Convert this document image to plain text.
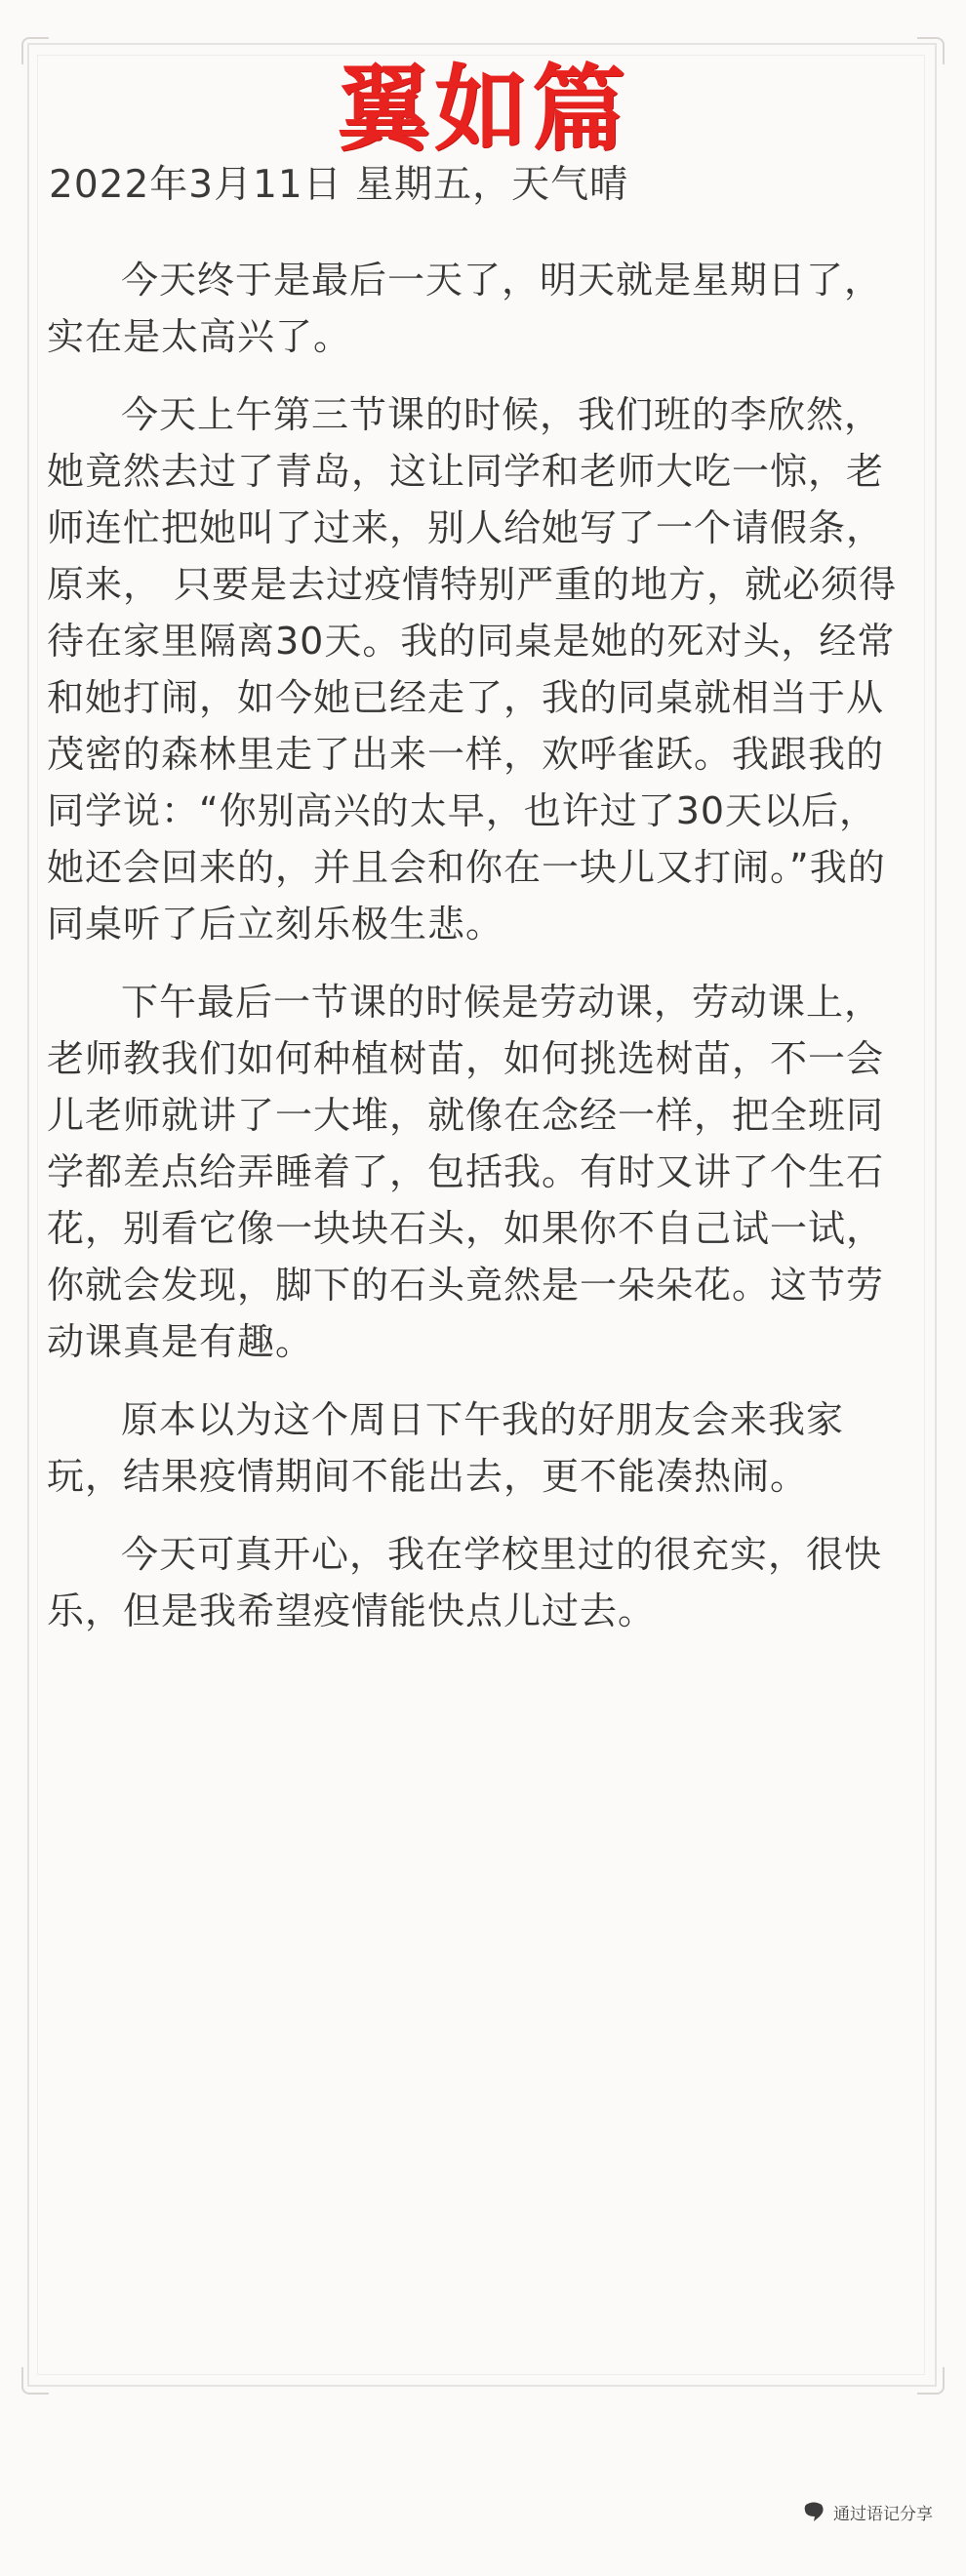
翼如篇
2022年3月11日 星期五，天气晴

今天终于是最后一天了，明天就是星期日了，实在是太高兴了。

今天上午第三节课的时候，我们班的李欣然，她竟然去过了青岛，这让同学和老师大吃一惊，老师连忙把她叫了过来，别人给她写了一个请假条，原来， 只要是去过疫情特别严重的地方，就必须得待在家里隔离30天。我的同桌是她的死对头，经常和她打闹，如今她已经走了，我的同桌就相当于从茂密的森林里走了出来一样，欢呼雀跃。我跟我的同学说：“你别高兴的太早，也许过了30天以后，她还会回来的，并且会和你在一块儿又打闹。”我的同桌听了后立刻乐极生悲。

下午最后一节课的时候是劳动课，劳动课上，老师教我们如何种植树苗，如何挑选树苗，不一会儿老师就讲了一大堆，就像在念经一样，把全班同学都差点给弄睡着了，包括我。有时又讲了个生石花，别看它像一块块石头，如果你不自己试一试，你就会发现，脚下的石头竟然是一朵朵花。这节劳动课真是有趣。

原本以为这个周日下午我的好朋友会来我家玩，结果疫情期间不能出去，更不能凑热闹。

今天可真开心，我在学校里过的很充实，很快乐，但是我希望疫情能快点儿过去。

通过语记分享
